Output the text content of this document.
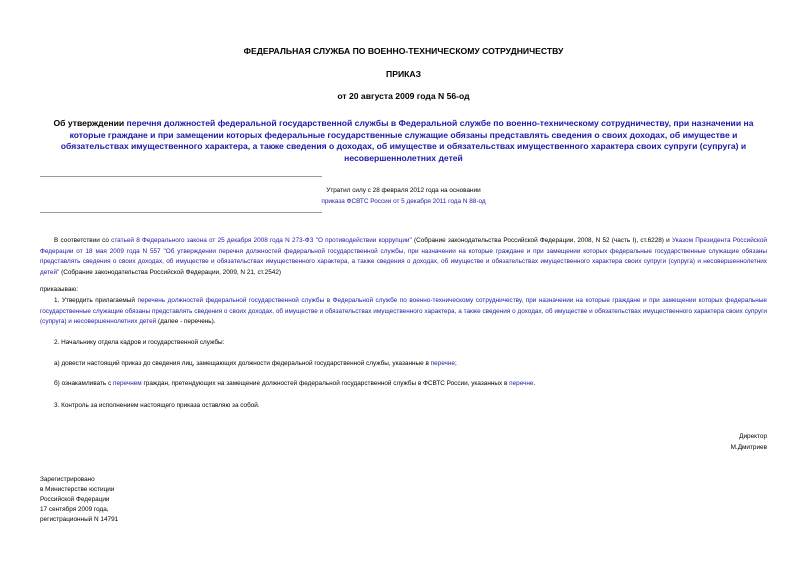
ФЕДЕРАЛЬНАЯ СЛУЖБА ПО ВОЕННО-ТЕХНИЧЕСКОМУ СОТРУДНИЧЕСТВУ
ПРИКАЗ
от 20 августа 2009 года N 56-од
Об утверждении перечня должностей федеральной государственной службы в Федеральной службе по военно-техническому сотрудничеству, при назначении на которые граждане и при замещении которых федеральные государственные служащие обязаны представлять сведения о своих доходах, об имуществе и обязательствах имущественного характера, а также сведения о доходах, об имуществе и обязательствах имущественного характера своих супруги (супруга) и несовершеннолетних детей
Утратил силу с 28 февраля 2012 года на основании
приказа ФСВТС России от 5 декабря 2011 года N 88-од
В соответствии со статьей 8 Федерального закона от 25 декабря 2008 года N 273-ФЗ "О противодействии коррупции" (Собрание законодательства Российской Федерации, 2008, N 52 (часть I), ст.6228) и Указом Президента Российской Федерации от 18 мая 2009 года N 557 "Об утверждении перечня должностей федеральной государственной службы, при назначении на которые граждане и при замещении которых федеральные государственные служащие обязаны представлять сведения о своих доходах, об имуществе и обязательствах имущественного характера, а также сведения о доходах, об имуществе и обязательствах имущественного характера своих супруги (супруга) и несовершеннолетних детей" (Собрание законодательства Российской Федерации, 2009, N 21, ст.2542)
приказываю:
1. Утвердить прилагаемый перечень должностей федеральной государственной службы в Федеральной службе по военно-техническому сотрудничеству, при назначении на которые граждане и при замещении которых федеральные государственные служащие обязаны представлять сведения о своих доходах, об имуществе и обязательствах имущественного характера, а также сведения о доходах, об имуществе и обязательствах имущественного характера своих супруги (супруга) и несовершеннолетних детей (далее - перечень).
2. Начальнику отдела кадров и государственной службы:
а) довести настоящий приказ до сведения лиц, замещающих должности федеральной государственной службы, указанные в перечне;
б) ознакамливать с перечнем граждан, претендующих на замещение должностей федеральной государственной службы в ФСВТС России, указанных в перечне.
3. Контроль за исполнением настоящего приказа оставляю за собой.
Директор
М.Дмитриев
Зарегистрировано
в Министерстве юстиции
Российской Федерации
17 сентября 2009 года,
регистрационный N 14791
